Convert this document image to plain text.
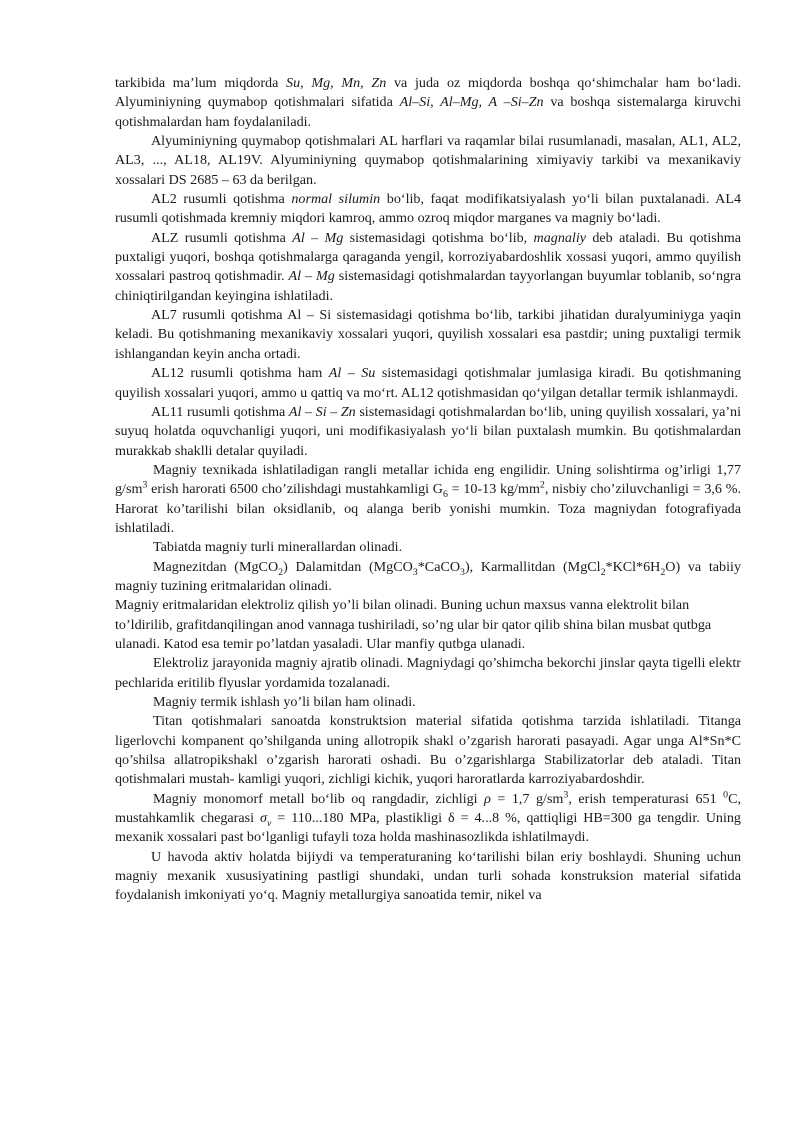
tarkibida ma’lum miqdorda Su, Mg, Mn, Zn va juda oz miqdorda boshqa qo‘shimchalar ham bo‘ladi. Alyuminiyning quymabop qotishmalari sifatida Al–Si, Al–Mg, A –Si–Zn va boshqa sistemalarga kiruvchi qotishmalardan ham foydalaniladi.

Alyuminiyning quymabop qotishmalari AL harflari va raqamlar bilai rusumlanadi, masalan, AL1, AL2, AL3, ..., AL18, AL19V. Alyuminiyning quymabop qotishmalarining ximiyaviy tarkibi va mexanikaviy xossalari DS 2685 – 63 da berilgan.

AL2 rusumli qotishma normal silumin bo‘lib, faqat modifikatsiyalash yo‘li bilan puxtalanadi. AL4 rusumli qotishmada kremniy miqdori kamroq, ammo ozroq miqdor marganes va magniy bo‘ladi.

ALZ rusumli qotishma Al – Mg sistemasidagi qotishma bo‘lib, magnaliy deb ataladi. Bu qotishma puxtaligi yuqori, boshqa qotishmalarga qaraganda yengil, korroziyabardoshlik xossasi yuqori, ammo quyilish xossalari pastroq qotishmadir. Al – Mg sistemasidagi qotishmalardan tayyorlangan buyumlar toblanib, so‘ngra chiniqtirilgandan keyingina ishlatiladi.

AL7 rusumli qotishma Al – Si sistemasidagi qotishma bo‘lib, tarkibi jihatidan duralyuminiyga yaqin keladi. Bu qotishmaning mexanikaviy xossalari yuqori, quyilish xossalari esa pastdir; uning puxtaligi termik ishlangandan keyin ancha ortadi.

AL12 rusumli qotishma ham Al – Su sistemasidagi qotishmalar jumlasiga kiradi. Bu qotishmaning quyilish xossalari yuqori, ammo u qattiq va mo‘rt. AL12 qotishmasidan qo‘yilgan detallar termik ishlanmaydi.

AL11 rusumli qotishma Al – Si – Zn sistemasidagi qotishmalardan bo‘lib, uning quyilish xossalari, ya’ni suyuq holatda oquvchanligi yuqori, uni modifikasiyalash yo‘li bilan puxtalash mumkin. Bu qotishmalardan murakkab shaklli detalar quyiladi.

Magniy texnikada ishlatiladigan rangli metallar ichida eng engilidir. Uning solishtirma og’irligi 1,77 $g/sm^3$ erish harorati 6500 cho’zilishdagi mustahkamligi $G_6 = 10-13$ $kg/mm^2$, nisbiy cho’ziluvchanligi = 3,6 %. Harorat ko’tarilishi bilan oksidlanib, oq alanga berib yonishi mumkin. Toza magniydan fotografiyada ishlatiladi.

Tabiatda magniy turli minerallardan olinadi.

Magnezitdan (MgCO$_2$) Dalamitdan (MgCO$_3$*CaCO$_3$), Karmallitdan $(MgCl_2*KCl*6H_2O)$ va tabiiy magniy tuzining eritmalaridan olinadi.

Magniy eritmalaridan elektroliz qilish yo’li bilan olinadi. Buning uchun maxsus vanna elektrolit bilan to’ldirilib, grafitdanqilingan anod vannaga tushiriladi, so’ng ular bir qator qilib shina bilan musbat qutbga ulanadi. Katod esa temir po’latdan yasaladi. Ular manfiy qutbga ulanadi.

Elektroliz jarayonida magniy ajratib olinadi. Magniydagi qo’shimcha bekorchi jinslar qayta tigelli elektr pechlarida eritilib flyuslar yordamida tozalanadi.

Magniy termik ishlash yo’li bilan ham olinadi.

Titan qotishmalari sanoatda konstruktsion material sifatida qotishma tarzida ishlatiladi. Titanga ligerlovchi kompanent qo’shilganda uning allotropik shakl o’zgarish harorati pasayadi. Agar unga Al*Sn*C qo’shilsa allatropikshakl o’zgarish harorati oshadi. Bu o’zgarishlarga Stabilizatorlar deb ataladi. Titan qotishmalari mustah- kamligi yuqori, zichligi kichik, yuqori haroratlarda karroziyabardoshdir.

Magniy monomorf metall bo‘lib oq rangdadir, zichligi ρ = 1,7 $g/sm^3$, erish temperaturasi 651 $^0$C, mustahkamlik chegarasi $\sigma_v = 110...180$ MPa, plastikligi δ = 4...8 %, qattiqligi HB=300 ga tengdir. Uning mexanik xossalari past bo‘lganligi tufayli toza holda mashinasozlikda ishlatilmaydi.

U havoda aktiv holatda bijiydi va temperaturaning ko‘tarilishi bilan eriy boshlaydi. Shuning uchun magniy mexanik xususiyatining pastligi shundaki, undan turli sohada konstruksion material sifatida foydalanish imkoniyati yo‘q. Magniy metallurgiya sanoatida temir, nikel va
